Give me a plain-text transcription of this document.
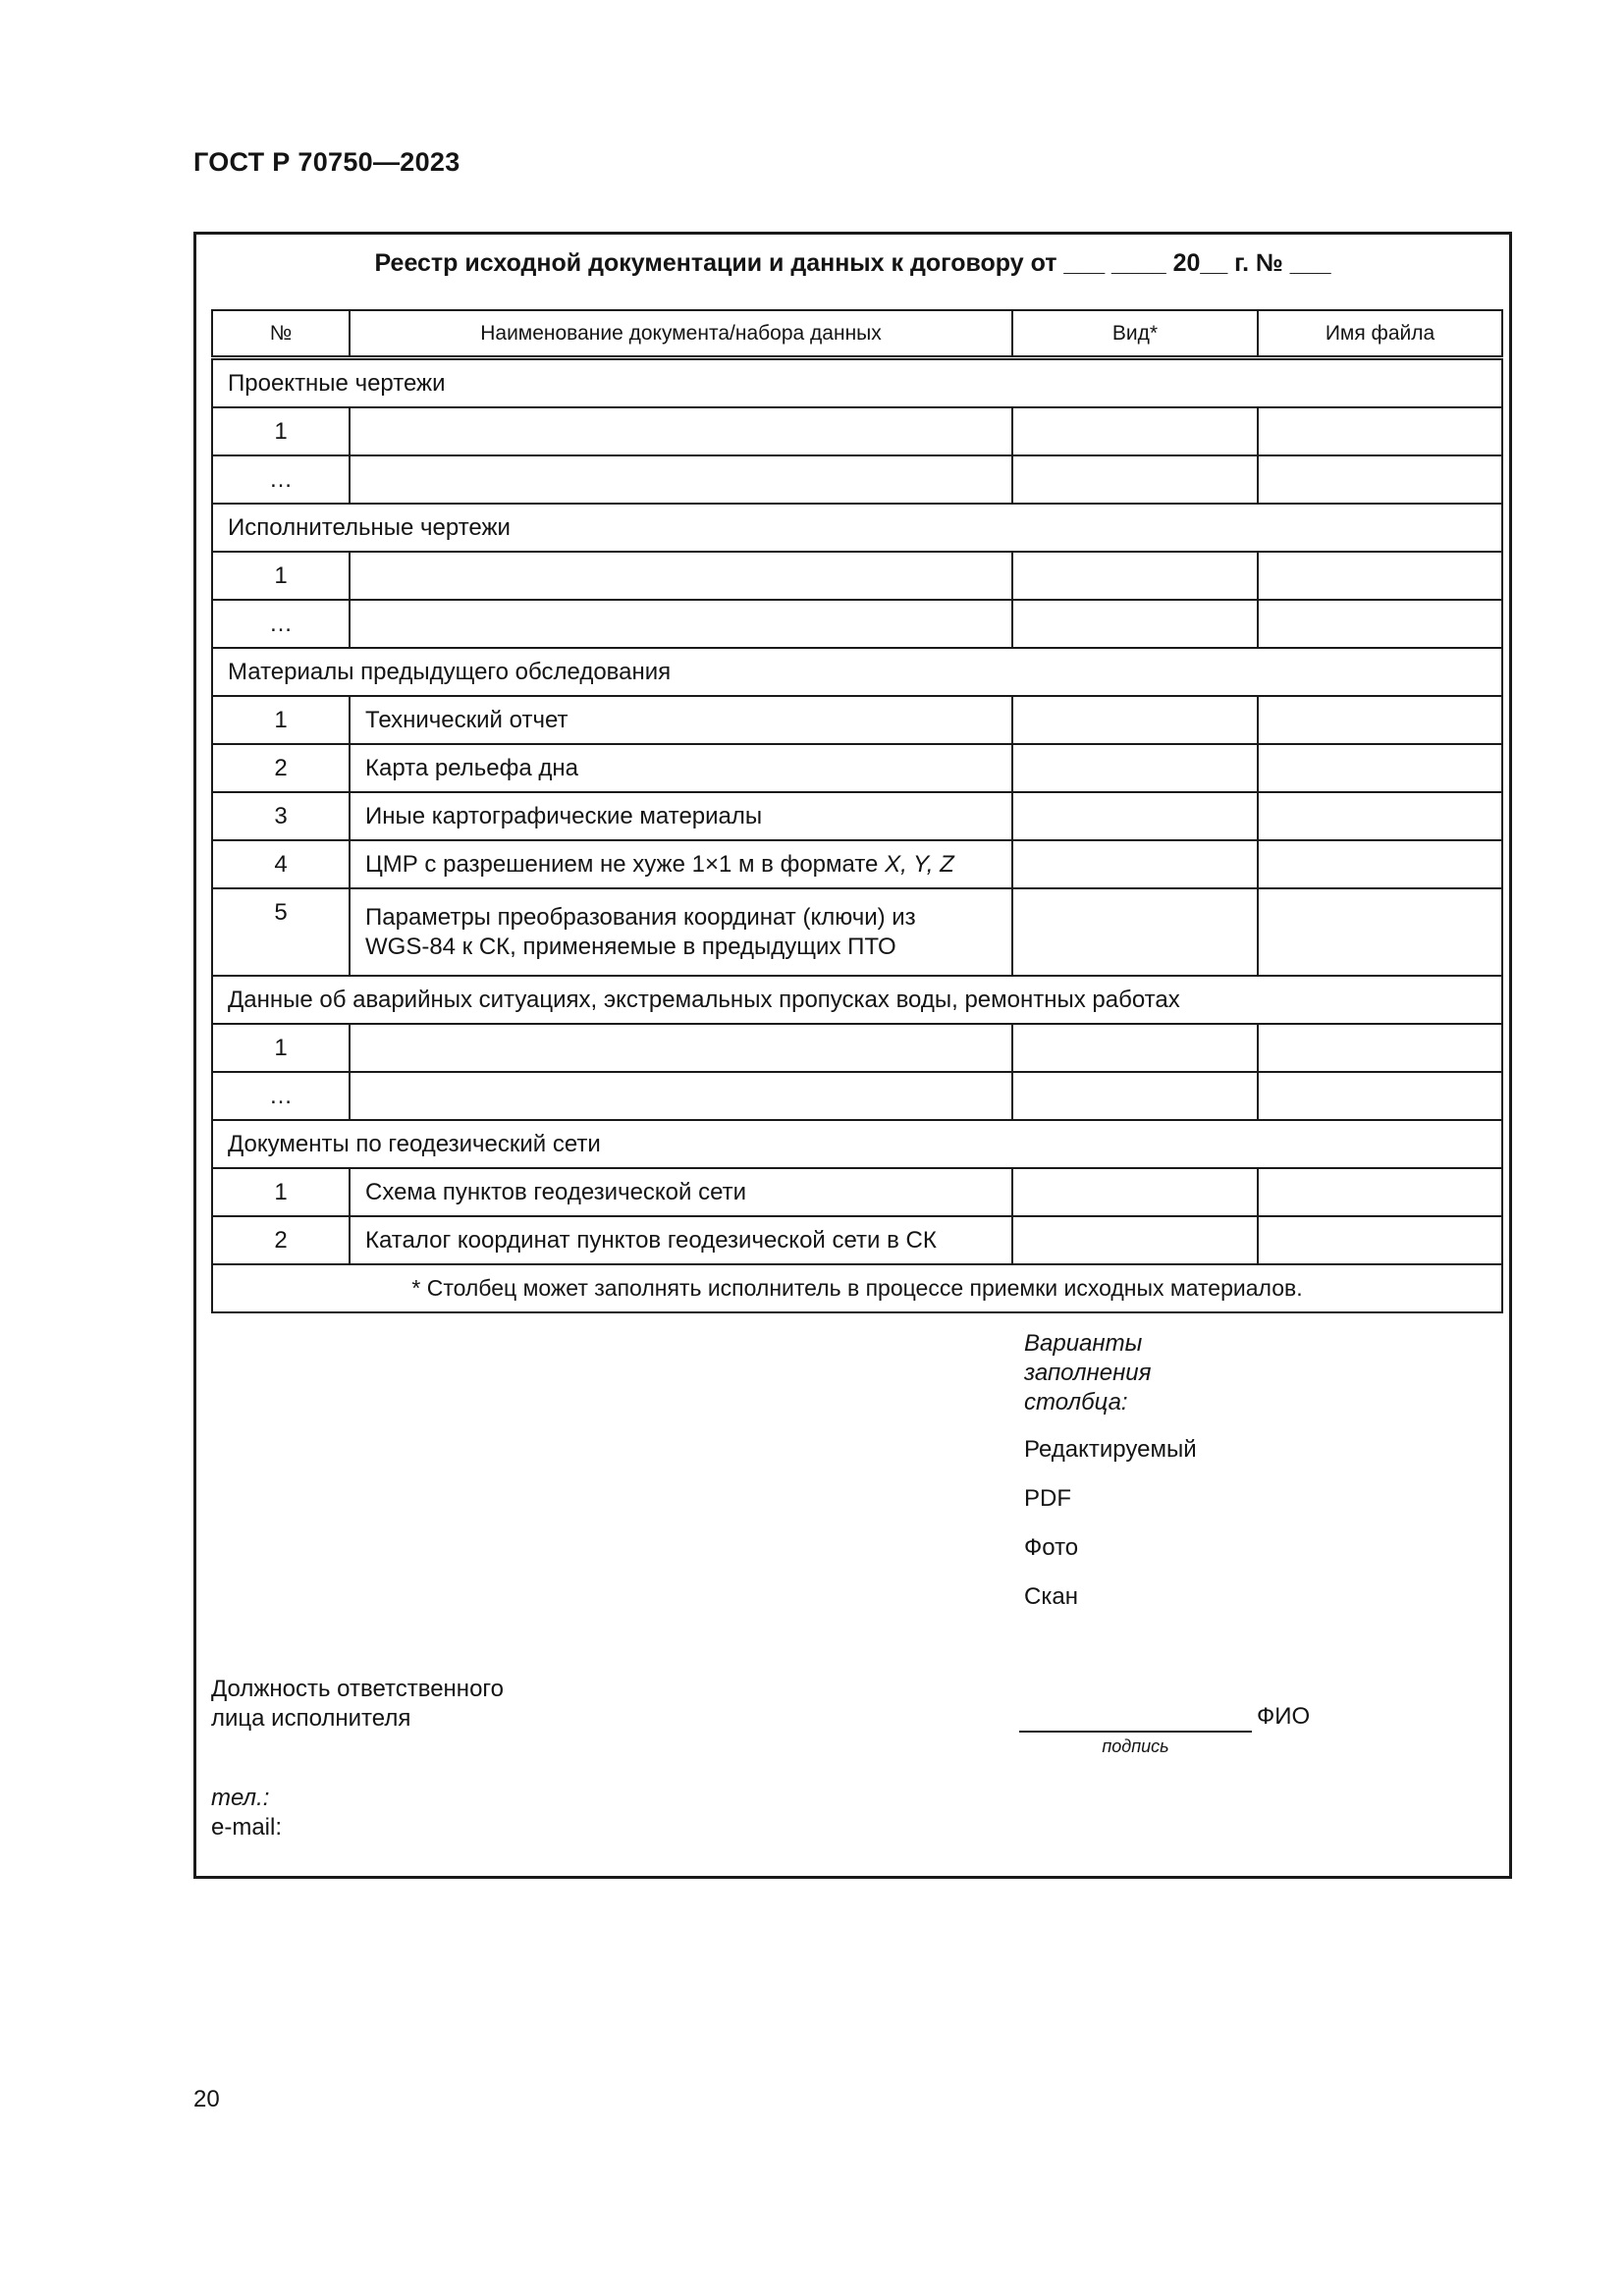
ГОСТ Р 70750—2023
Реестр исходной документации и данных к договору от ___ ____ 20__ г. № ___
№	Наименование документа/набора данных	Вид*	Имя файла
Проектные чертежи			
1			
…			
Исполнительные чертежи			
1			
…			
Материалы предыдущего обследования			
1	Технический отчет		
2	Карта рельефа дна		
3	Иные картографические материалы		
4	ЦМР с разрешением не хуже 1×1 м в формате X, Y, Z		
5	Параметры преобразования координат (ключи) из
WGS-84 к СК, применяемые в предыдущих ПТО		

Данные об аварийных ситуациях, экстремальных пропусках воды, ремонтных работах			
1			
…			
Документы по геодезический сети			
1	Схема пунктов геодезической сети		
2	Каталог координат пунктов геодезической сети в СК		
* Столбец может заполнять исполнитель в процессе приемки исходных материалов.			
Варианты
заполнения
столбца:
Редактируемый
PDF
Фото
Скан
Должность ответственного
лица исполнителя	ФИО
подпись
тел.:
e-mail:
20
